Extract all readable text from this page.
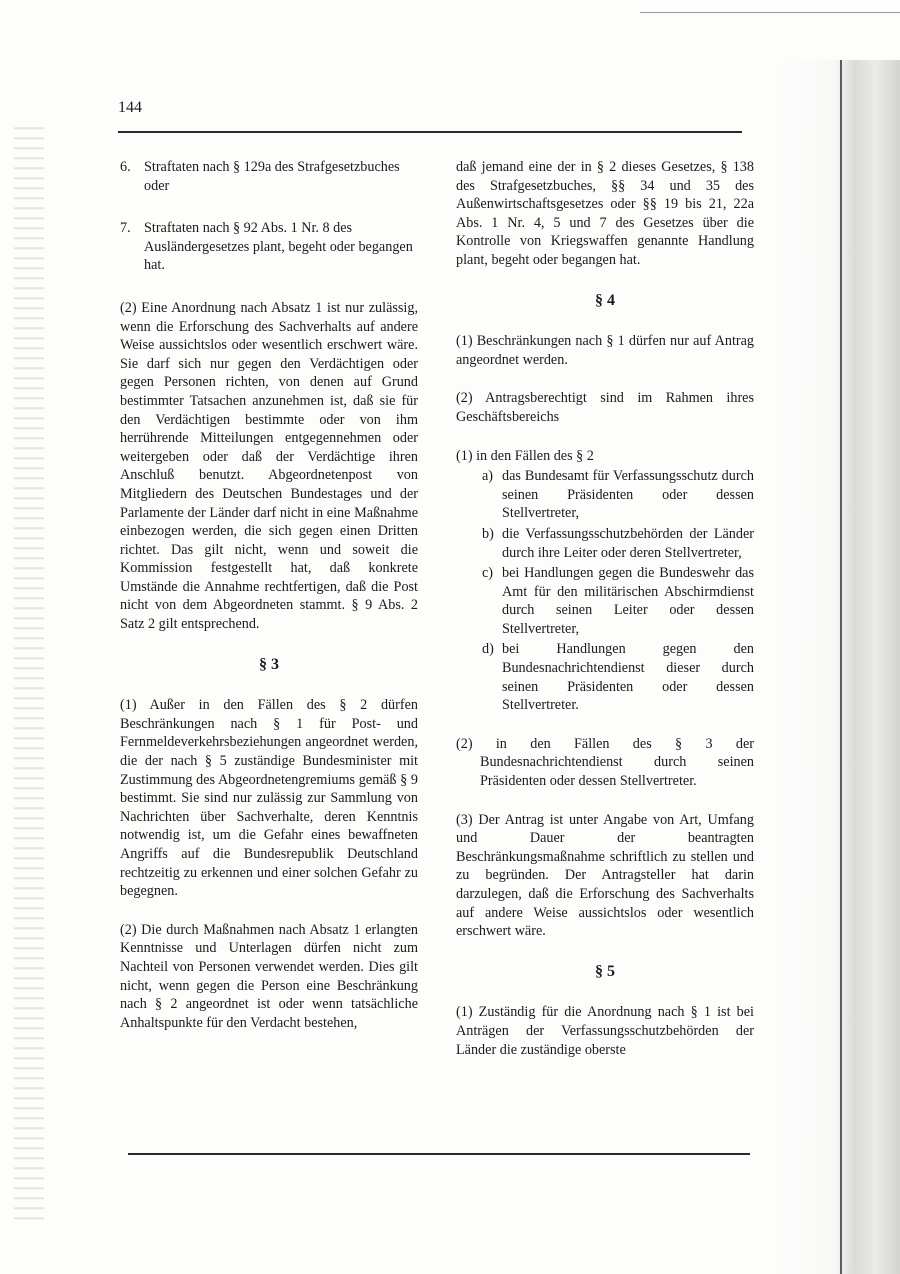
144
6. Straftaten nach § 129a des Strafgesetzbuches oder
7. Straftaten nach § 92 Abs. 1 Nr. 8 des Ausländergesetzes plant, begeht oder begangen hat.

(2) Eine Anordnung nach Absatz 1 ist nur zulässig, wenn die Erforschung des Sachverhalts auf andere Weise aussichtslos oder wesentlich erschwert wäre. Sie darf sich nur gegen den Verdächtigen oder gegen Personen richten, von denen auf Grund bestimmter Tatsachen anzunehmen ist, daß sie für den Verdächtigen bestimmte oder von ihm herrührende Mitteilungen entgegennehmen oder weitergeben oder daß der Verdächtige ihren Anschluß benutzt. Abgeordnetenpost von Mitgliedern des Deutschen Bundestages und der Parlamente der Länder darf nicht in eine Maßnahme einbezogen werden, die sich gegen einen Dritten richtet. Das gilt nicht, wenn und soweit die Kommission festgestellt hat, daß konkrete Umstände die Annahme rechtfertigen, daß die Post nicht von dem Abgeordneten stammt. § 9 Abs. 2 Satz 2 gilt entsprechend.

§ 3

(1) Außer in den Fällen des § 2 dürfen Beschränkungen nach § 1 für Post- und Fernmeldeverkehrsbeziehungen angeordnet werden, die der nach § 5 zuständige Bundesminister mit Zustimmung des Abgeordnetengremiums gemäß § 9 bestimmt. Sie sind nur zulässig zur Sammlung von Nachrichten über Sachverhalte, deren Kenntnis notwendig ist, um die Gefahr eines bewaffneten Angriffs auf die Bundesrepublik Deutschland rechtzeitig zu erkennen und einer solchen Gefahr zu begegnen.

(2) Die durch Maßnahmen nach Absatz 1 erlangten Kenntnisse und Unterlagen dürfen nicht zum Nachteil von Personen verwendet werden. Dies gilt nicht, wenn gegen die Person eine Beschränkung nach § 2 angeordnet ist oder wenn tatsächliche Anhaltspunkte für den Verdacht bestehen,

daß jemand eine der in § 2 dieses Gesetzes, § 138 des Strafgesetzbuches, §§ 34 und 35 des Außenwirtschaftsgesetzes oder §§ 19 bis 21, 22a Abs. 1 Nr. 4, 5 und 7 des Gesetzes über die Kontrolle von Kriegswaffen genannte Handlung plant, begeht oder begangen hat.

§ 4

(1) Beschränkungen nach § 1 dürfen nur auf Antrag angeordnet werden.

(2) Antragsberechtigt sind im Rahmen ihres Geschäftsbereichs

(1) in den Fällen des § 2
a) das Bundesamt für Verfassungsschutz durch seinen Präsidenten oder dessen Stellvertreter,
b) die Verfassungsschutzbehörden der Länder durch ihre Leiter oder deren Stellvertreter,
c) bei Handlungen gegen die Bundeswehr das Amt für den militärischen Abschirmdienst durch seinen Leiter oder dessen Stellvertreter,
d) bei Handlungen gegen den Bundesnachrichtendienst dieser durch seinen Präsidenten oder dessen Stellvertreter.

(2) in den Fällen des § 3 der Bundesnachrichtendienst durch seinen Präsidenten oder dessen Stellvertreter.

(3) Der Antrag ist unter Angabe von Art, Umfang und Dauer der beantragten Beschränkungsmaßnahme schriftlich zu stellen und zu begründen. Der Antragsteller hat darin darzulegen, daß die Erforschung des Sachverhalts auf andere Weise aussichtslos oder wesentlich erschwert wäre.

§ 5

(1) Zuständig für die Anordnung nach § 1 ist bei Anträgen der Verfassungsschutzbehörden der Länder die zuständige oberste
